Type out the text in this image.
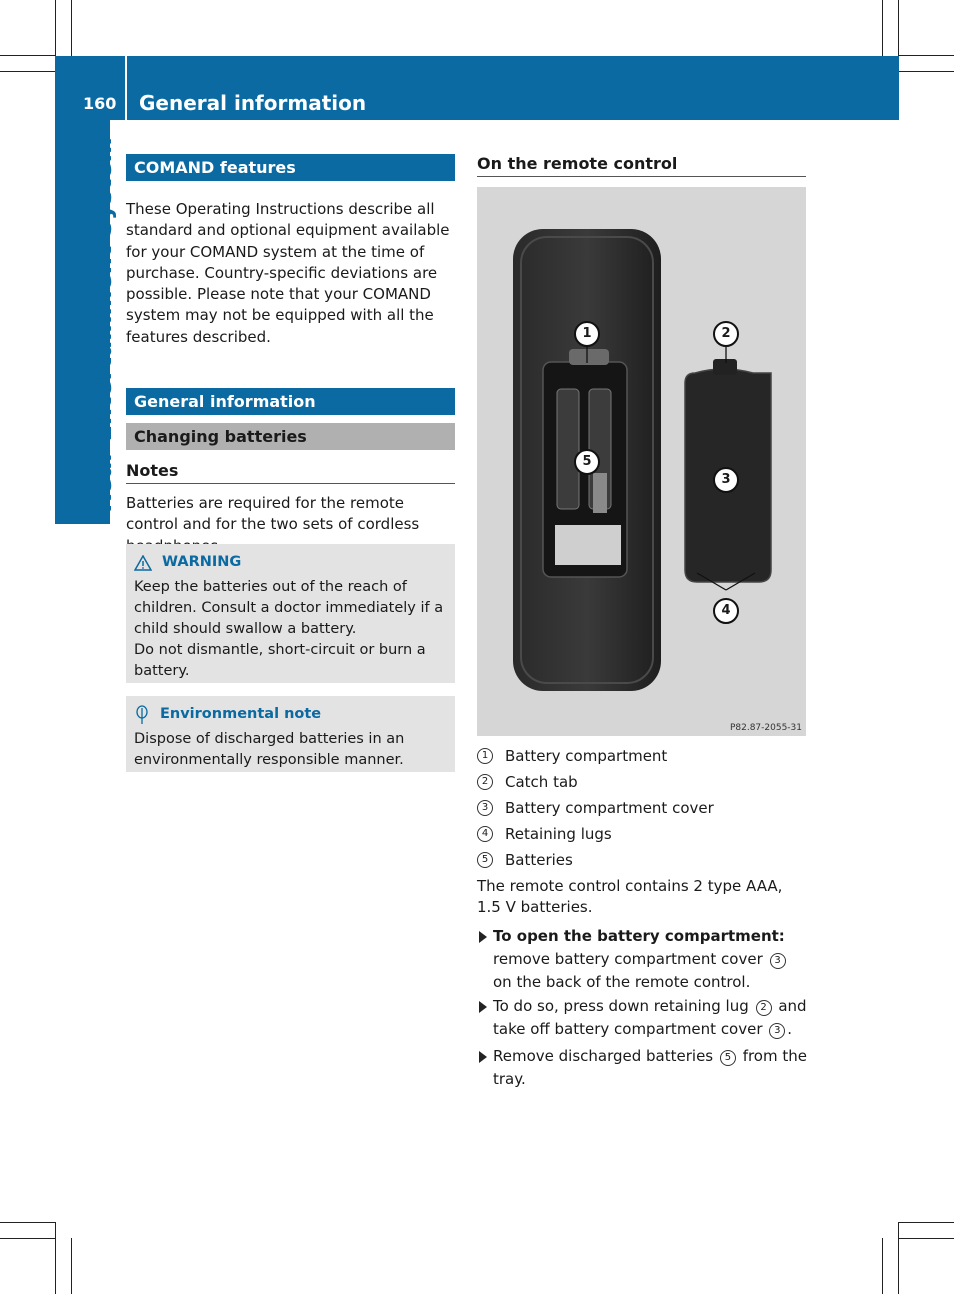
160 General information
Rear Entertainment System	COMAND features
These Operating Instructions describe all standard and optional equipment available for your COMAND system at the time of purchase. Country-specific deviations are possible. Please note that your COMAND system may not be equipped with all the features described.
General information
Changing batteries
Notes
Batteries are required for the remote control and for the two sets of cordless
WARNING
Keep the batteries out of the reach of children. Consult a doctor immediately if a child should swallow a battery.
Do not dismantle, short-circuit or burn a battery.
Environmental note
Dispose of discharged batteries in an environmentally responsible manner.
On the remote control
1	2
3
4
5
P82.87-2055-31
1	Battery compartment
2	Catch tab
3	Battery compartment cover
4	Retaining lugs
5	Batteries
The remote control contains 2 type AAA, 1.5 V batteries.
To open the battery compartment: remove battery compartment cover 3 on the back of the remote control.
To do so, press down retaining lug 2 and take off battery compartment cover 3 .
Remove discharged batteries 5 from the tray.
